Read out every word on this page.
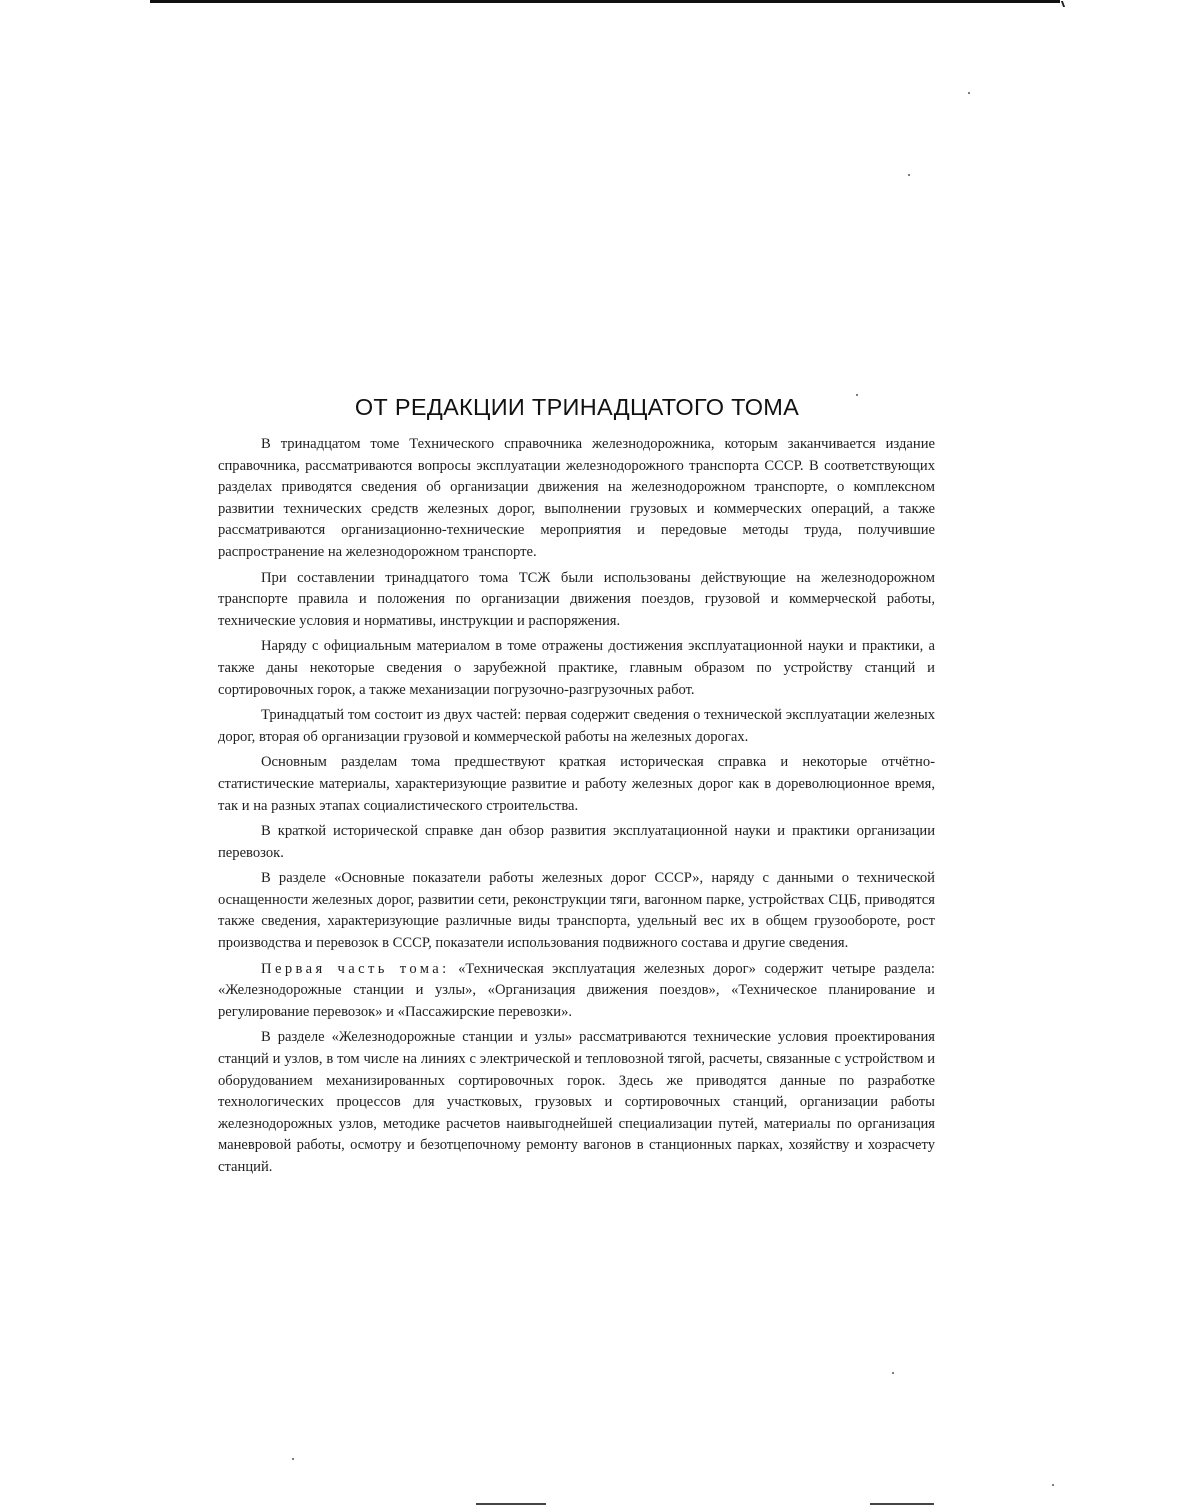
ОТ РЕДАКЦИИ ТРИНАДЦАТОГО ТОМА

В тринадцатом томе Технического справочника железнодорожника, которым заканчивается издание справочника, рассматриваются вопросы эксплуатации железнодорожного транспорта СССР. В соответствующих разделах приводятся сведения об организации движения на железнодорожном транспорте, о комплексном развитии технических средств железных дорог, выполнении грузовых и коммерческих операций, а также рассматриваются организационно-технические мероприятия и передовые методы труда, получившие распространение на железнодорожном транспорте.

При составлении тринадцатого тома ТСЖ были использованы действующие на железнодорожном транспорте правила и положения по организации движения поездов, грузовой и коммерческой работы, технические условия и нормативы, инструкции и распоряжения.

Наряду с официальным материалом в томе отражены достижения эксплуатационной науки и практики, а также даны некоторые сведения о зарубежной практике, главным образом по устройству станций и сортировочных горок, а также механизации погрузочно-разгрузочных работ.

Тринадцатый том состоит из двух частей: первая содержит сведения о технической эксплуатации железных дорог, вторая об организации грузовой и коммерческой работы на железных дорогах.

Основным разделам тома предшествуют краткая историческая справка и некоторые отчётно-статистические материалы, характеризующие развитие и работу железных дорог как в дореволюционное время, так и на разных этапах социалистического строительства.

В краткой исторической справке дан обзор развития эксплуатационной науки и практики организации перевозок.

В разделе «Основные показатели работы железных дорог СССР», наряду с данными о технической оснащенности железных дорог, развитии сети, реконструкции тяги, вагонном парке, устройствах СЦБ, приводятся также сведения, характеризующие различные виды транспорта, удельный вес их в общем грузообороте, рост производства и перевозок в СССР, показатели использования подвижного состава и другие сведения.

Первая часть тома: «Техническая эксплуатация железных дорог» содержит четыре раздела: «Железнодорожные станции и узлы», «Организация движения поездов», «Техническое планирование и регулирование перевозок» и «Пассажирские перевозки».

В разделе «Железнодорожные станции и узлы» рассматриваются технические условия проектирования станций и узлов, в том числе на линиях с электрической и тепловозной тягой, расчеты, связанные с устройством и оборудованием механизированных сортировочных горок. Здесь же приводятся данные по разработке технологических процессов для участковых, грузовых и сортировочных станций, организации работы железнодорожных узлов, методике расчетов наивыгоднейшей специализации путей, материалы по организация маневровой работы, осмотру и безотцепочному ремонту вагонов в станционных парках, хозяйству и хозрасчету станций.
